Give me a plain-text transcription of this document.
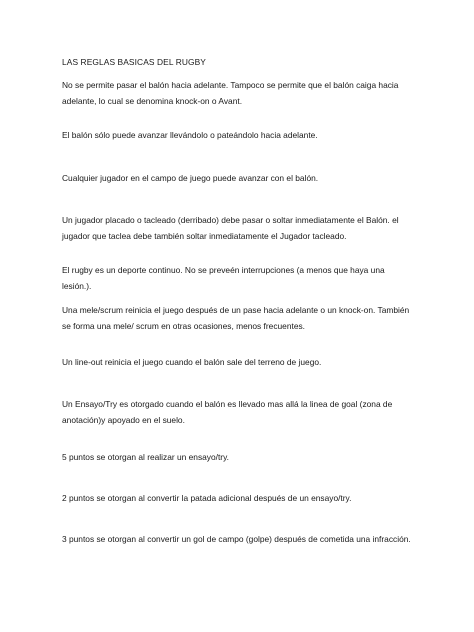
LAS REGLAS BASICAS DEL RUGBY

No se permite pasar el balón hacia adelante. Tampoco se permite que el balón caiga hacia adelante, lo cual se denomina knock-on o Avant.

El balón sólo puede avanzar llevándolo o pateándolo hacia adelante.

Cualquier jugador en el campo de juego puede avanzar con el balón.

Un jugador placado o tacleado (derribado) debe pasar o soltar inmediatamente el Balón. el jugador que taclea debe también soltar inmediatamente el Jugador tacleado.

El rugby es un deporte continuo. No se preveén interrupciones (a menos que haya una lesión.).

Una mele/scrum reinicia el juego después de un pase hacia adelante o un knock-on. También se forma una mele/ scrum en otras ocasiones, menos frecuentes.

Un line-out reinicia el juego cuando el balón sale del terreno de juego.

Un Ensayo/Try es otorgado cuando el balón es llevado mas allá la linea de goal (zona de anotación)y apoyado en el suelo.

5 puntos se otorgan al realizar un ensayo/try.

2 puntos se otorgan al convertir la patada adicional después de un ensayo/try.

3 puntos se otorgan al convertir un gol de campo (golpe) después de cometida una infracción.
